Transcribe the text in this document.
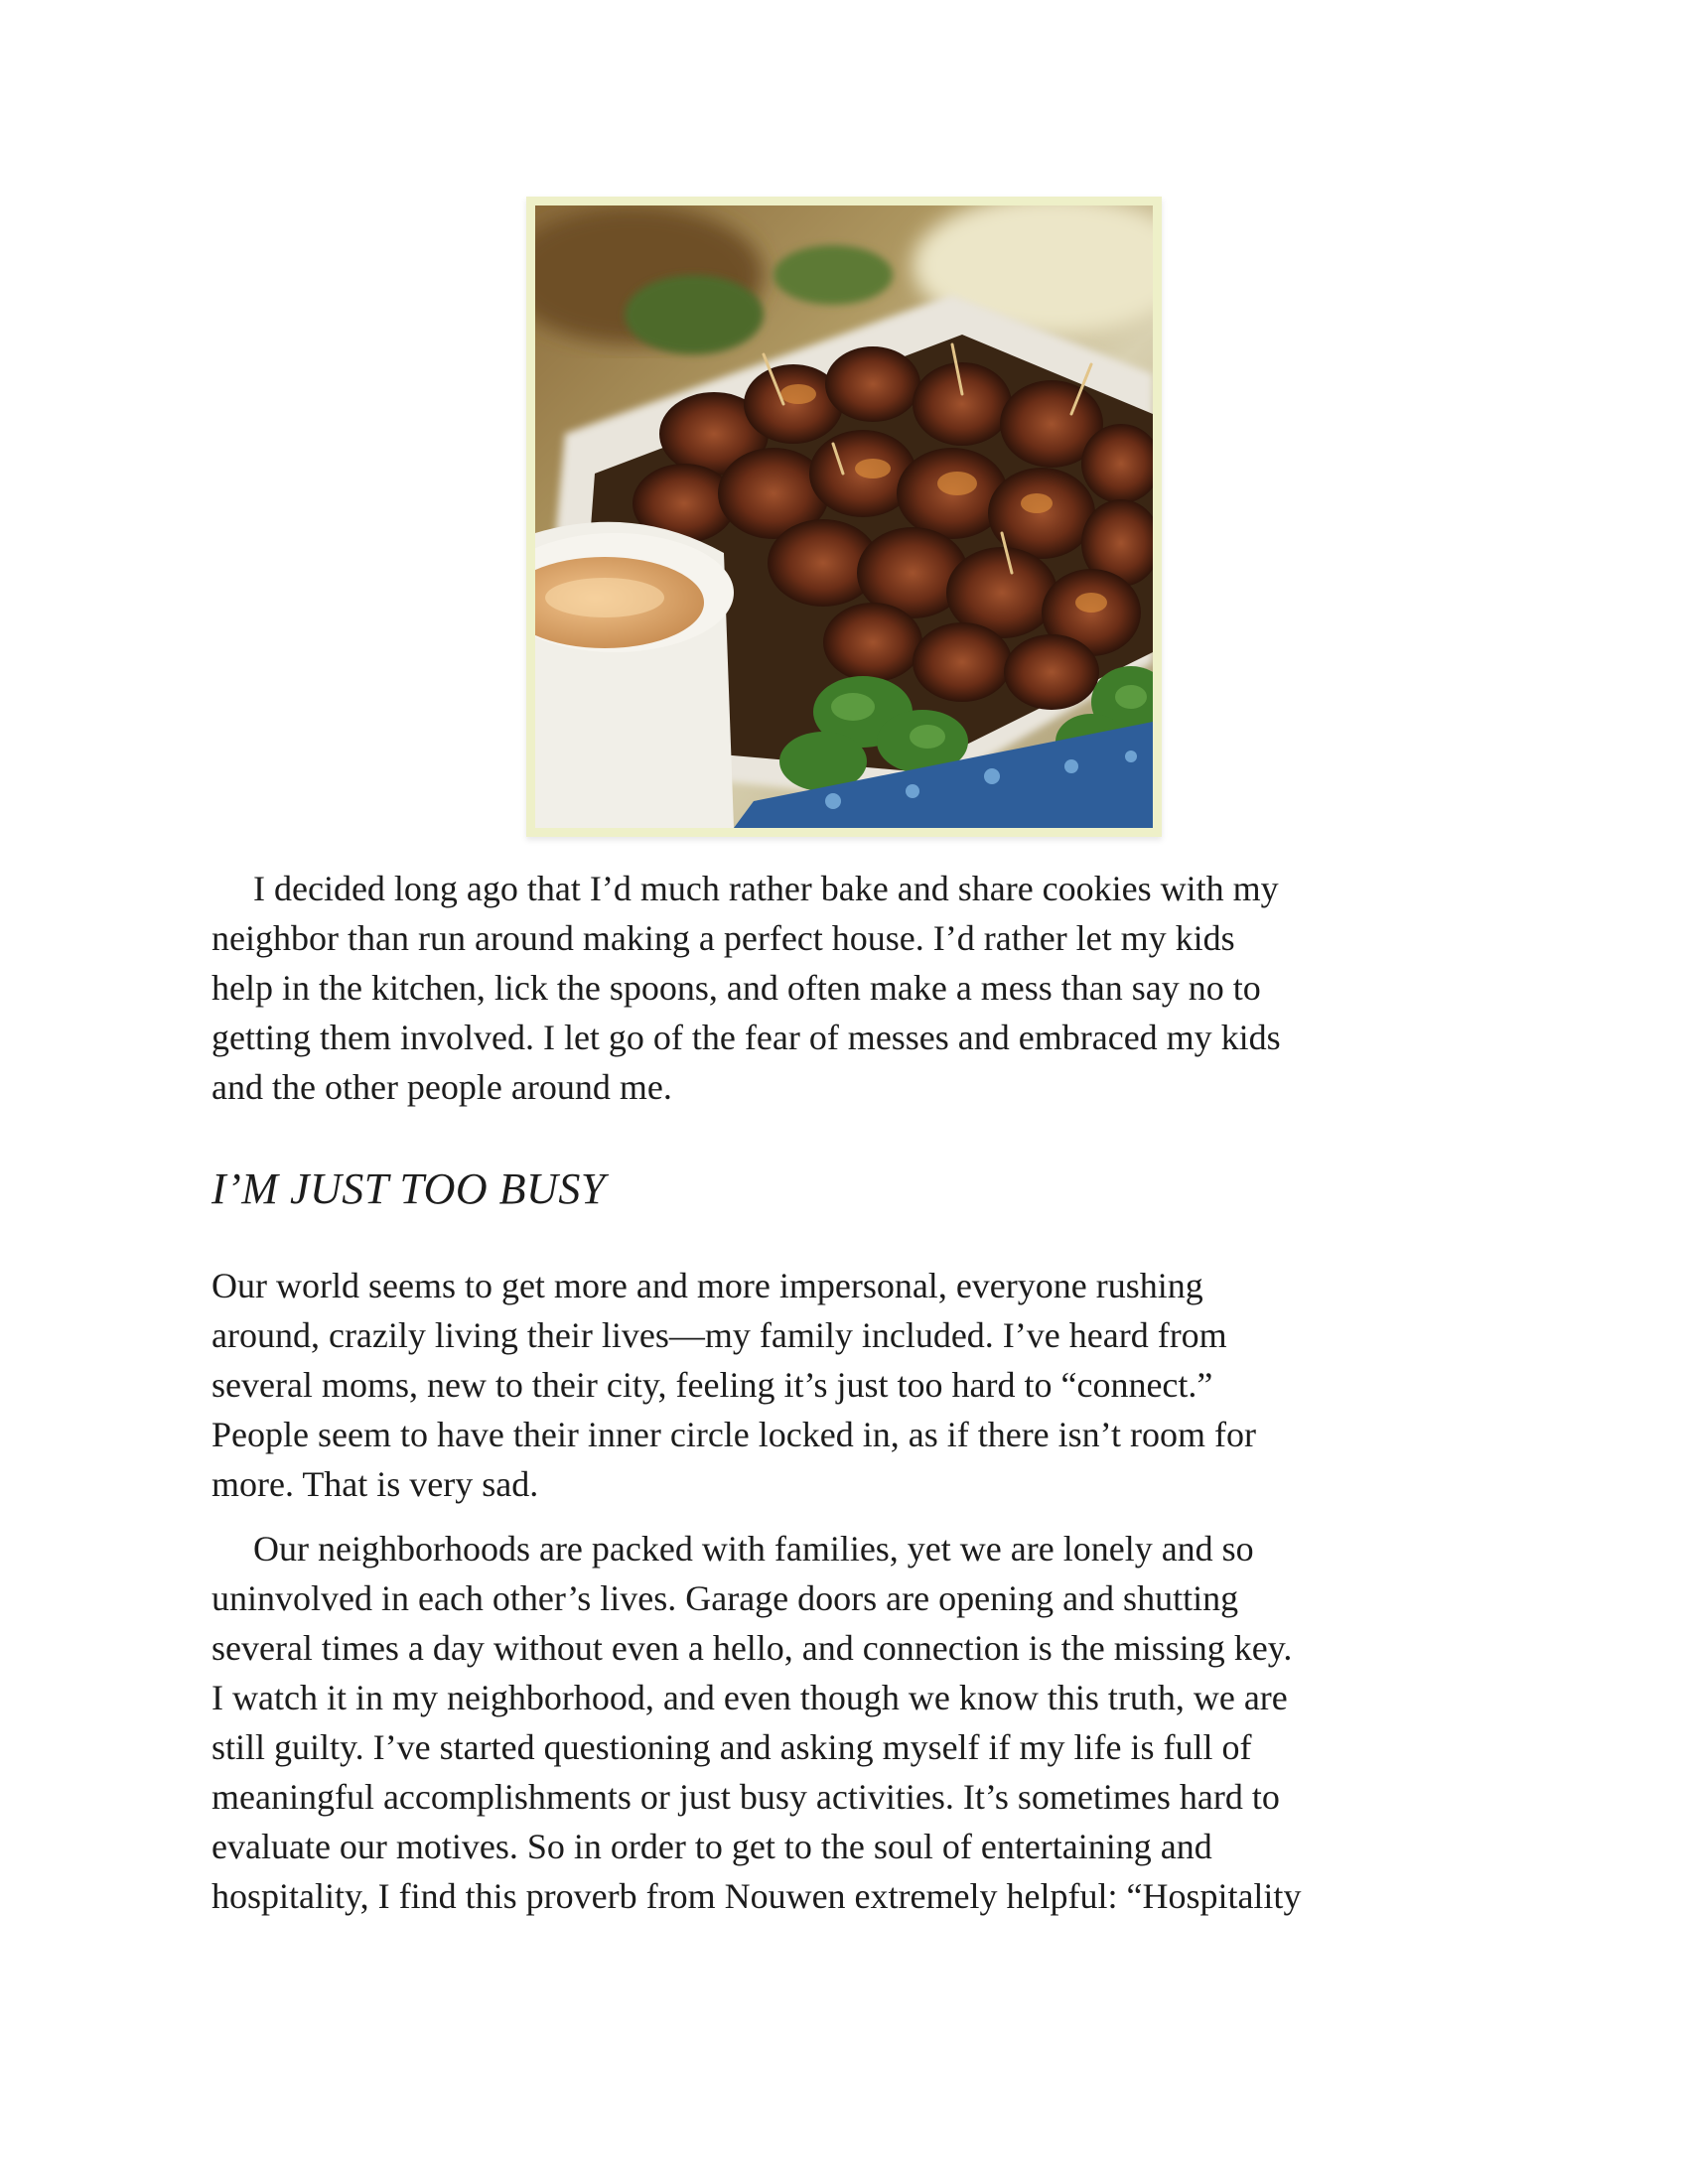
I decided long ago that I’d much rather bake and share cookies with my
neighbor than run around making a perfect house. I’d rather let my kids
help in the kitchen, lick the spoons, and often make a mess than say no to
getting them involved. I let go of the fear of messes and embraced my kids
and the other people around me.

I’M JUST TOO BUSY

Our world seems to get more and more impersonal, everyone rushing
around, crazily living their lives—my family included. I’ve heard from
several moms, new to their city, feeling it’s just too hard to “connect.”
People seem to have their inner circle locked in, as if there isn’t room for
more. That is very sad.

Our neighborhoods are packed with families, yet we are lonely and so
uninvolved in each other’s lives. Garage doors are opening and shutting
several times a day without even a hello, and connection is the missing key.
I watch it in my neighborhood, and even though we know this truth, we are
still guilty. I’ve started questioning and asking myself if my life is full of
meaningful accomplishments or just busy activities. It’s sometimes hard to
evaluate our motives. So in order to get to the soul of entertaining and
hospitality, I find this proverb from Nouwen extremely helpful: “Hospitality
